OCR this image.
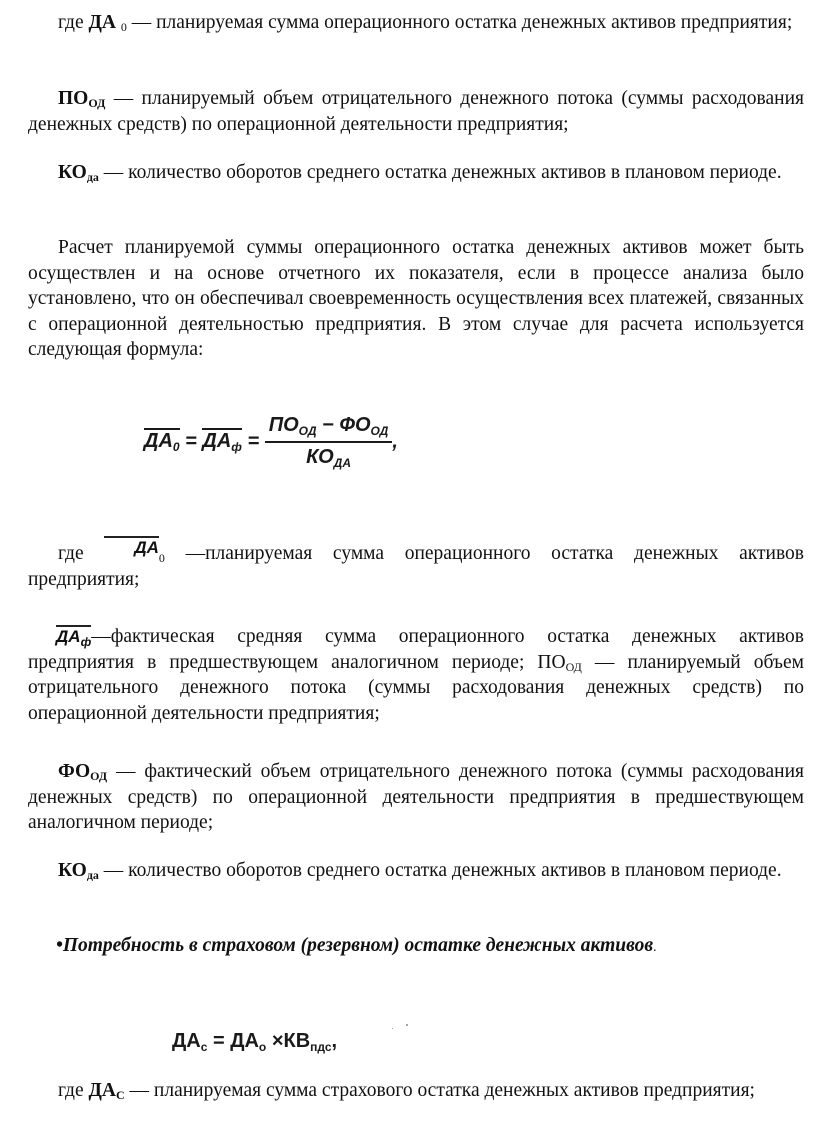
где ДА $_0$ — планируемая сумма операционного остатка денежных активов предприятия;

$ПО_{ОД}$ — планируемый объем отрицательного денежного потока (суммы расходования денежных средств) по операционной деятельности предприятия;

$КО_{да}$ — количество оборотов среднего остатка денежных активов в плановом периоде.

Расчет планируемой суммы операционного остатка денежных активов может быть осуществлен и на основе отчетного их показателя, если в процессе анализа было установлено, что он обеспечивал своевременность осуществления всех платежей, связанных с операционной деятельностью предприятия. В этом случае для расчета используется следующая формула:

$ДА_0 = ДА_ф = \frac{ПО_{ОД} - ФО_{ОД}}{КО_{ДА}}$ ,

где $ДА_0$ —планируемая сумма операционного остатка денежных активов предприятия;

$ДА_ф—фактическая$ средняя сумма операционного остатка денежных активов предприятия в предшествующем аналогичном периоде; $ПО_{ОД}$ — планируемый объем отрицательного денежного потока (суммы расходования денежных средств) по операционной деятельности предприятия;

$ФО_{ОД}$ — фактический объем отрицательного денежного потока (суммы расходования денежных средств) по операционной деятельности предприятия в предшествующем аналогичном периоде;

$КО_{да}$ — количество оборотов среднего остатка денежных активов в плановом периоде.

•Потребность в страховом (резервном) остатке денежных активов.
$ДА_с = ДА_о \times КВ_{пдс}$,

где $ДА_С$ — планируемая сумма страхового остатка денежных активов предприятия;
